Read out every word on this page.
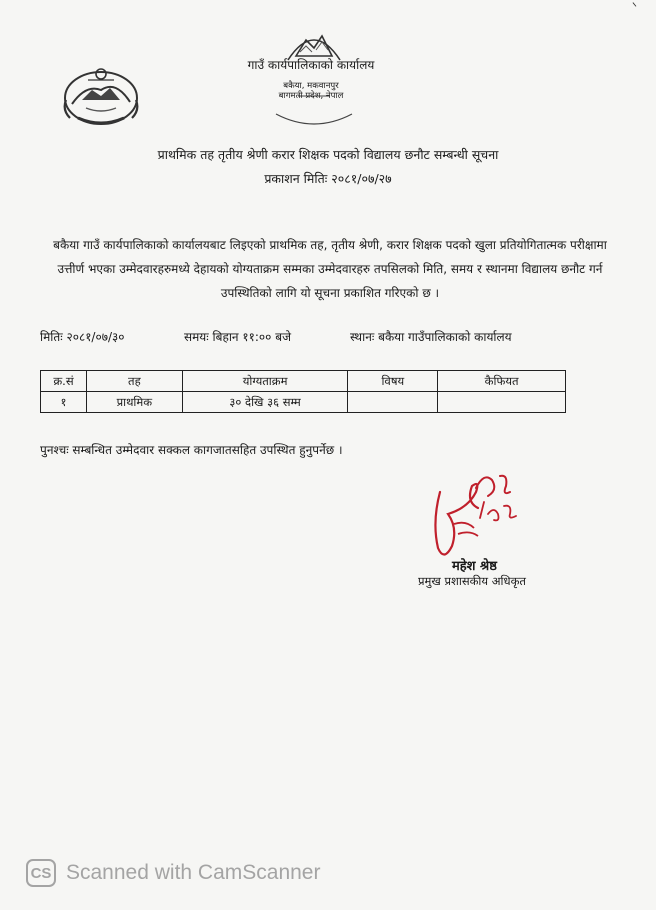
ᐠ
गाउँ कार्यपालिकाको कार्यालय
बकैया, मकवानपुर
बागमती प्रदेश, नेपाल
प्राथमिक तह तृतीय श्रेणी करार शिक्षक पदको विद्यालय छनौट सम्बन्धी सूचना
प्रकाशन मितिः २०८१/०७/२७
बकैया गाउँ कार्यपालिकाको कार्यालयबाट लिइएको प्राथमिक तह, तृतीय श्रेणी, करार शिक्षक पदको खुला प्रतियोगितात्मक परीक्षामा उत्तीर्ण भएका उम्मेदवारहरुमध्ये देहायको योग्यताक्रम सम्मका उम्मेदवारहरु तपसिलको मिति, समय र स्थानमा विद्यालय छनौट गर्न उपस्थितिको लागि यो सूचना प्रकाशित गरिएको छ ।
मितिः २०८१/०७/३०	समयः बिहान ११:०० बजे	स्थानः बकैया गाउँपालिकाको कार्यालय
क्र.सं	तह	योग्यताक्रम	विषय	कैफियत
१	प्राथमिक	३० देखि ३६ सम्म		
पुनश्चः सम्बन्धित उम्मेदवार सक्कल कागजातसहित उपस्थित हुनुपर्नेछ ।
महेश श्रेष्ठ
प्रमुख प्रशासकीय अधिकृत
CS Scanned with CamScanner
